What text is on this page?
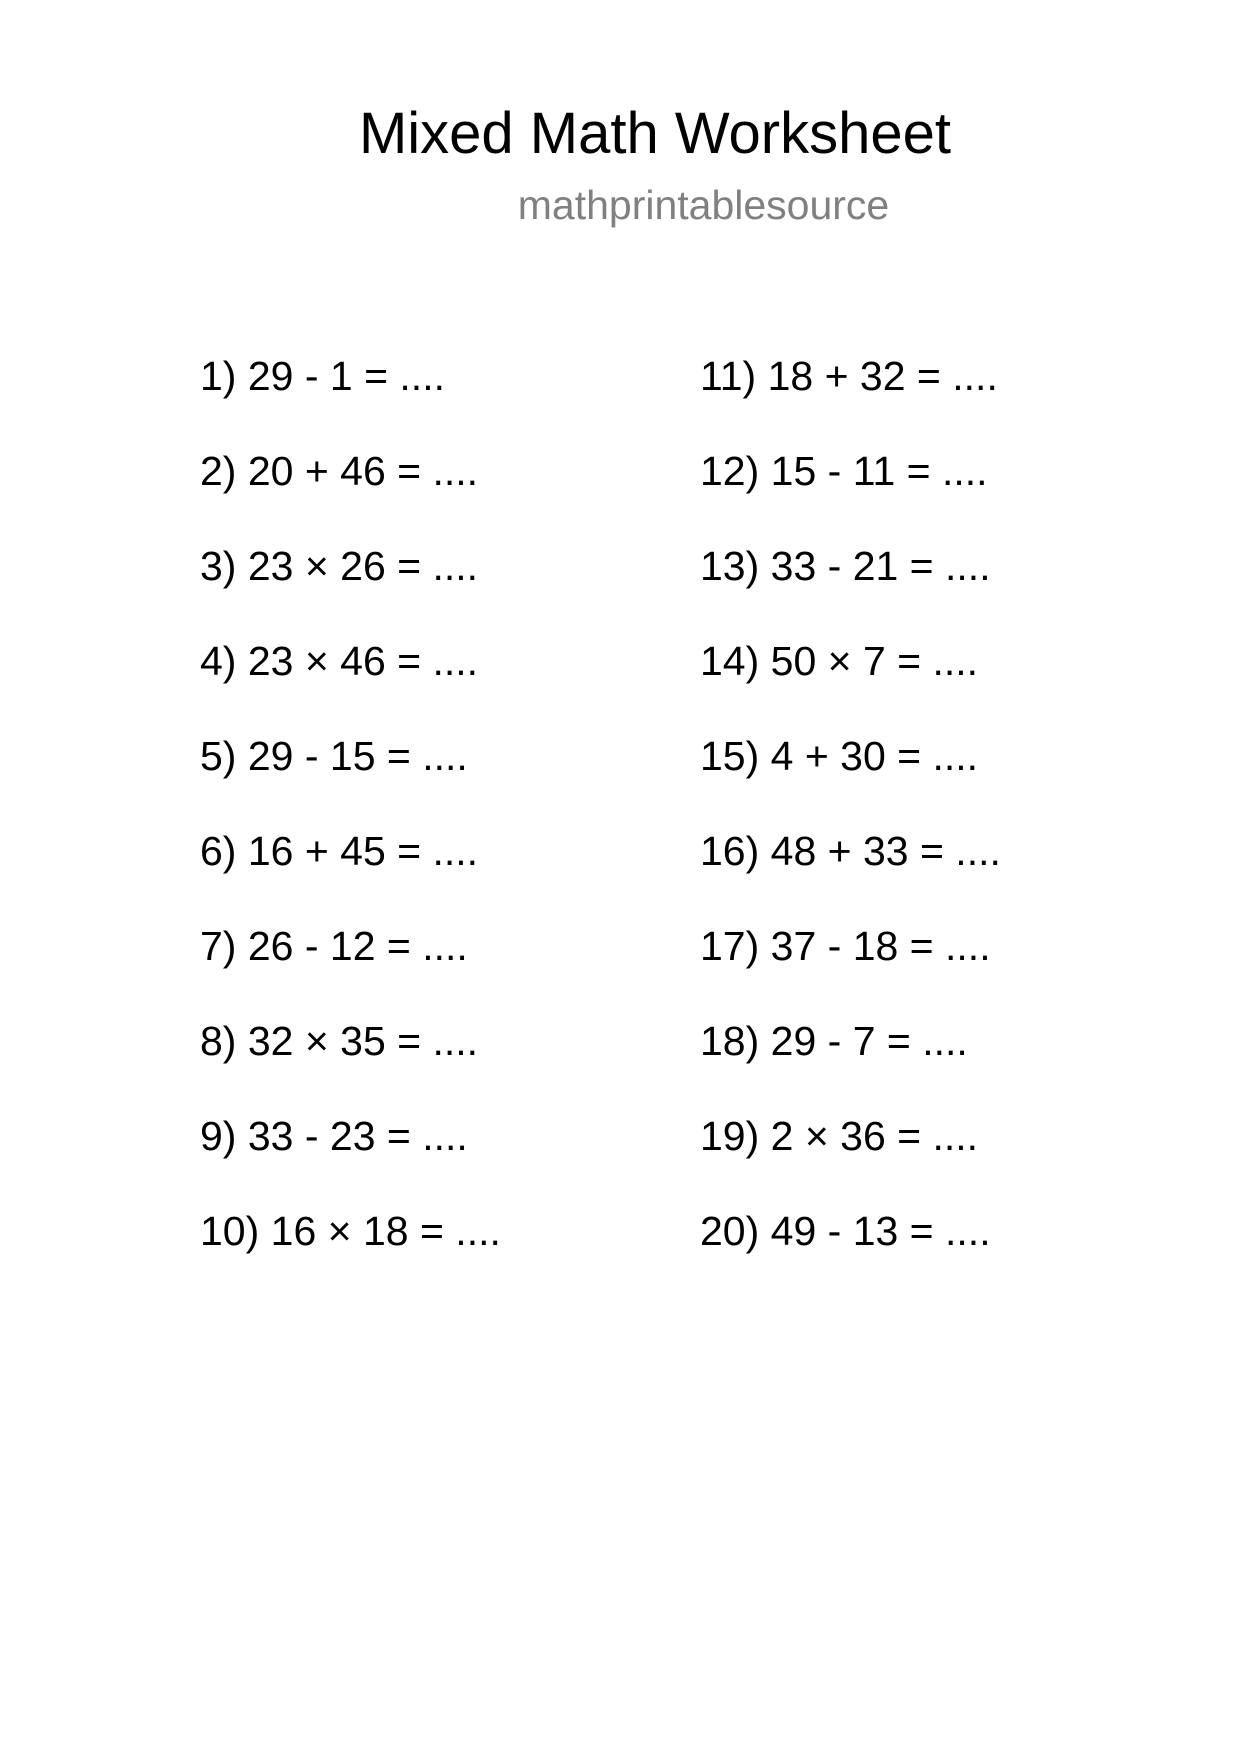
Mixed Math Worksheet
mathprintablesource
1) 29 - 1 = ....
2) 20 + 46 = ....
3) 23 × 26 = ....
4) 23 × 46 = ....
5) 29 - 15 = ....
6) 16 + 45 = ....
7) 26 - 12 = ....
8) 32 × 35 = ....
9) 33 - 23 = ....
10) 16 × 18 = ....
11) 18 + 32 = ....
12) 15 - 11 = ....
13) 33 - 21 = ....
14) 50 × 7 = ....
15) 4 + 30 = ....
16) 48 + 33 = ....
17) 37 - 18 = ....
18) 29 - 7 = ....
19) 2 × 36 = ....
20) 49 - 13 = ....
